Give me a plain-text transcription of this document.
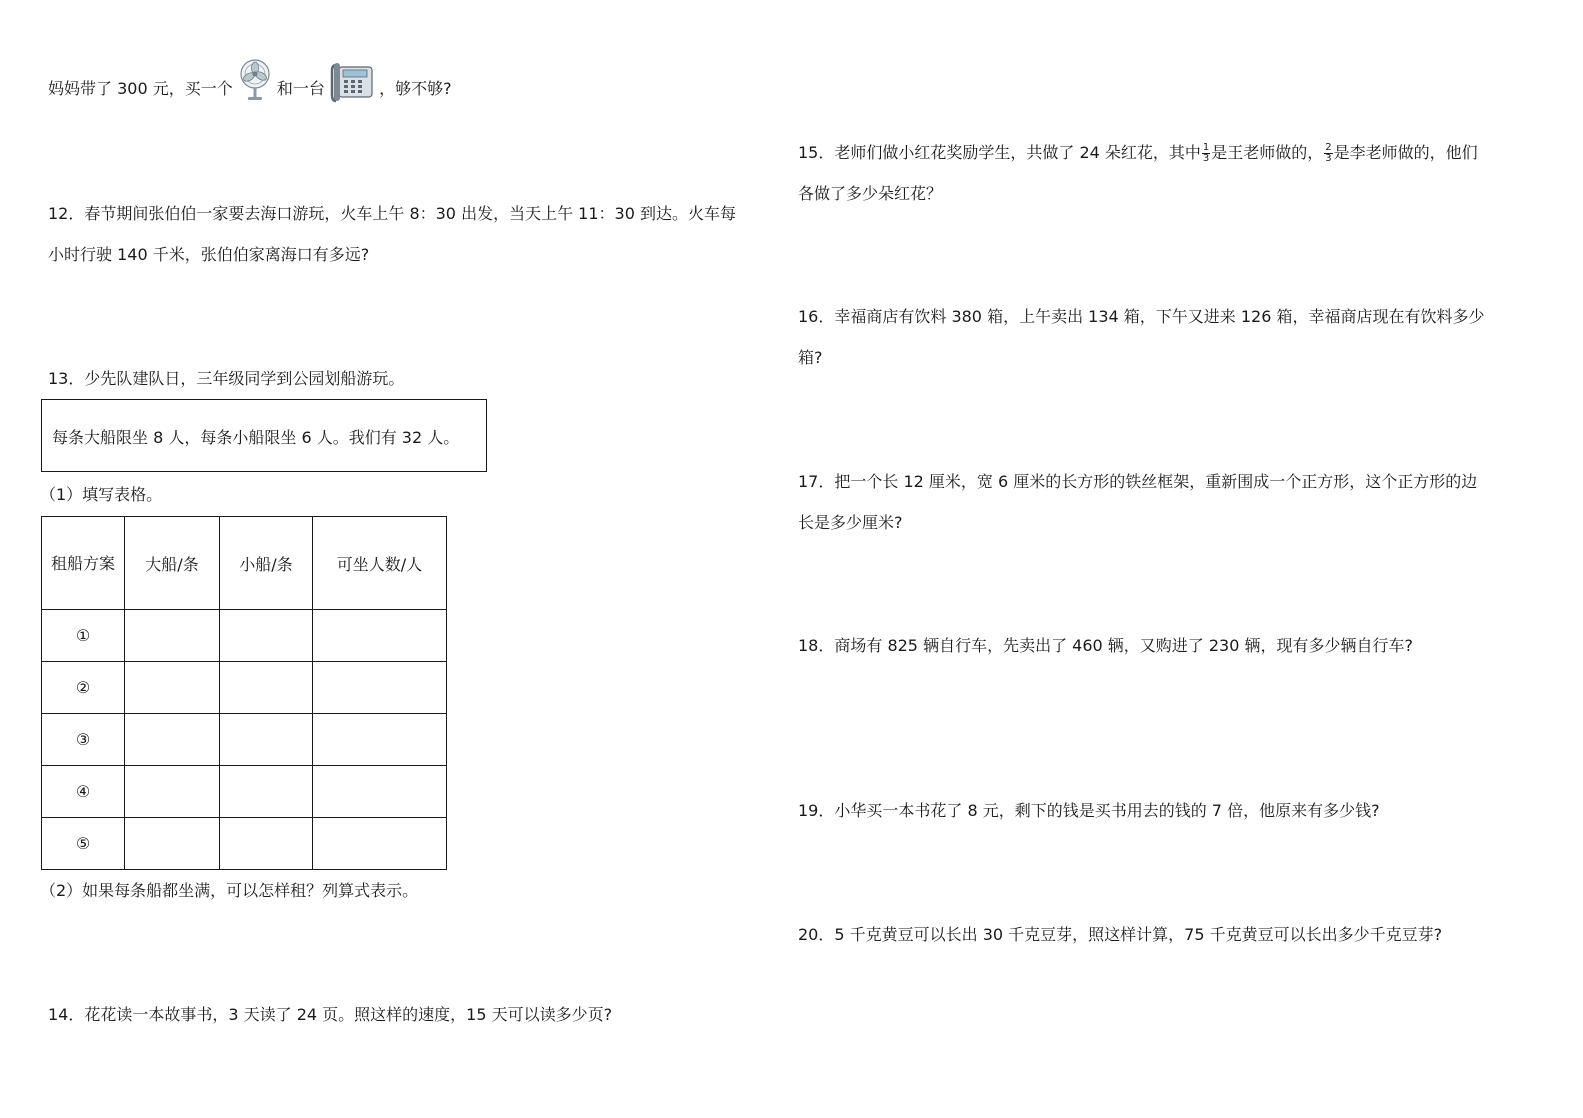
妈妈带了 300 元，买一个	和一台	，够不够?
12．春节期间张伯伯一家要去海口游玩，火车上午 8：30 出发，当天上午 11：30 到达。火车每
小时行驶 140 千米，张伯伯家离海口有多远?
13．少先队建队日，三年级同学到公园划船游玩。
每条大船限坐 8 人，每条小船限坐 6 人。我们有 32 人。
（1）填写表格。
租船方案	大船/条	小船/条	可坐人数/人
①			
②			
③			
④			
⑤			
（2）如果每条船都坐满，可以怎样租？列算式表示。
14．花花读一本故事书，3 天读了 24 页。照这样的速度，15 天可以读多少页?
15．老师们做小红花奖励学生，共做了 24 朵红花，其中 $\frac{1}{3}$ 是王老师做的， $\frac{2}{3}$ 是李老师做的，他们
各做了多少朵红花？
16．幸福商店有饮料 380 箱，上午卖出 134 箱，下午又进来 126 箱，幸福商店现在有饮料多少
箱?
17．把一个长 12 厘米，宽 6 厘米的长方形的铁丝框架，重新围成一个正方形，这个正方形的边
长是多少厘米?
18．商场有 825 辆自行车，先卖出了 460 辆，又购进了 230 辆，现有多少辆自行车?
19．小华买一本书花了 8 元，剩下的钱是买书用去的钱的 7 倍，他原来有多少钱?
20．5 千克黄豆可以长出 30 千克豆芽，照这样计算，75 千克黄豆可以长出多少千克豆芽?
